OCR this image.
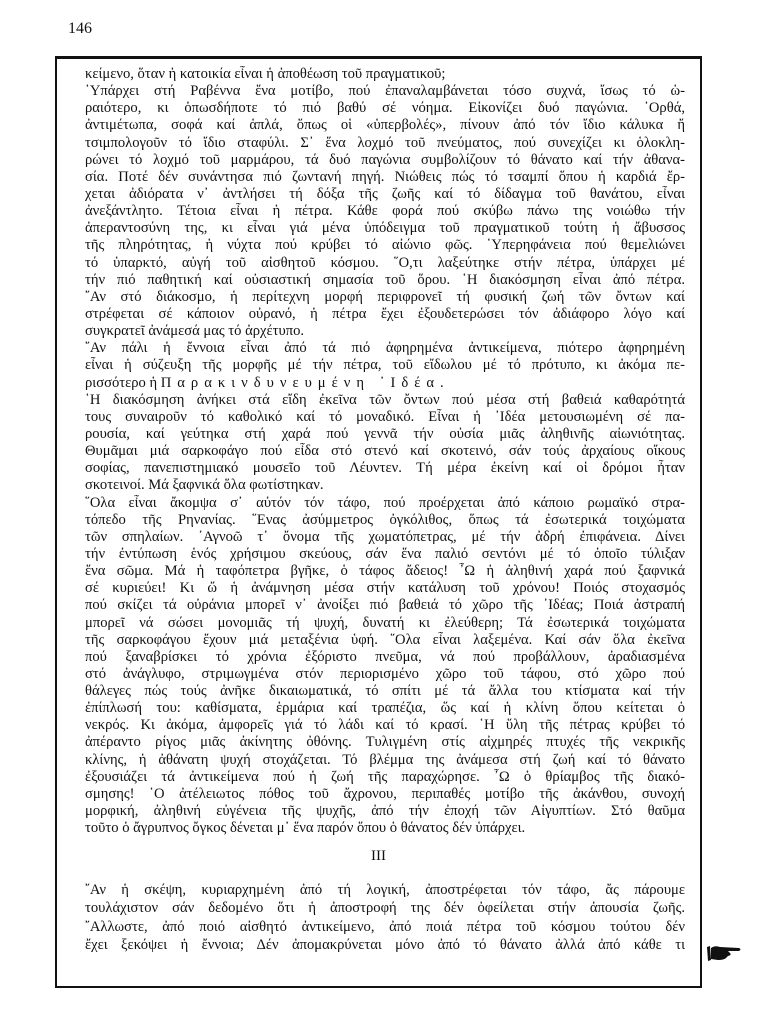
146
κείμενο, ὅταν ἡ κατοικία εἶναι ἡ ἀποθέωση τοῦ πραγματικοῦ;
῾Υπάρχει στή Ραβέννα ἕνα μοτίβο, πού ἐπαναλαμβάνεται τόσο συχνά, ἴσως τό ὡ-
ραιότερο, κι ὁπωσδήποτε τό πιό βαθύ σέ νόημα. Εἰκονίζει δυό παγώνια. ᾿Ορθά,
ἀντιμέτωπα, σοφά καί ἁπλά, ὅπως οἱ «ὑπερβολές», πίνουν ἀπό τόν ἴδιο κάλυκα ἤ
τσιμπολογοῦν τό ἴδιο σταφύλι. Σ᾿ ἕνα λοχμό τοῦ πνεύματος, πού συνεχίζει κι ὁλοκλη-
ρώνει τό λοχμό τοῦ μαρμάρου, τά δυό παγώνια συμβολίζουν τό θάνατο καί τήν ἀθανα-
σία. Ποτέ δέν συνάντησα πιό ζωντανή πηγή. Νιώθεις πώς τό τσαμπί ὅπου ἡ καρδιά ἔρ-
χεται ἀδιόρατα ν᾿ ἀντλήσει τή δόξα τῆς ζωῆς καί τό δίδαγμα τοῦ θανάτου, εἶναι
ἀνεξάντλητο. Τέτοια εἶναι ἡ πέτρα. Κάθε φορά πού σκύβω πάνω της νοιώθω τήν
ἀπεραντοσύνη της, κι εἶναι γιά μένα ὑπόδειγμα τοῦ πραγματικοῦ τούτη ἡ ἄβυσσος
τῆς πληρότητας, ἡ νύχτα πού κρύβει τό αἰώνιο φῶς. ῾Υπερηφάνεια πού θεμελιώνει
τό ὑπαρκτό, αὐγή τοῦ αἰσθητοῦ κόσμου. ῞Ο,τι λαξεύτηκε στήν πέτρα, ὑπάρχει μέ
τήν πιό παθητική καί οὐσιαστική σημασία τοῦ ὅρου. ῾Η διακόσμηση εἶναι ἀπό πέτρα.
῎Αν στό διάκοσμο, ἡ περίτεχνη μορφή περιφρονεῖ τή φυσική ζωή τῶν ὄντων καί
στρέφεται σέ κάποιον οὐρανό, ἡ πέτρα ἔχει ἐξουδετερώσει τόν ἀδιάφορο λόγο καί
συγκρατεῖ ἀνάμεσά μας τό ἀρχέτυπο.
῎Αν πάλι ἡ ἔννοια εἶναι ἀπό τά πιό ἀφηρημένα ἀντικείμενα, πιότερο ἀφηρημένη
εἶναι ἡ σύζευξη τῆς μορφῆς μέ τήν πέτρα, τοῦ εἴδωλου μέ τό πρότυπο, κι ἀκόμα πε-
ρισσότερο ἡ Παρακινδυνευμένη ᾿Ιδέα.
῾Η διακόσμηση ἀνήκει στά εἴδη ἐκεῖνα τῶν ὄντων πού μέσα στή βαθειά καθαρότητά
τους συναιροῦν τό καθολικό καί τό μοναδικό. Εἶναι ἡ ᾿Ιδέα μετουσιωμένη σέ πα-
ρουσία, καί γεύτηκα στή χαρά πού γεννᾶ τήν οὐσία μιᾶς ἀληθινῆς αἰωνιότητας.
Θυμᾶμαι μιά σαρκοφάγο πού εἶδα στό στενό καί σκοτεινό, σάν τούς ἀρχαίους οἴκους
σοφίας, πανεπιστημιακό μουσεῖο τοῦ Λέυντεν. Τή μέρα ἐκείνη καί οἱ δρόμοι ἦταν
σκοτεινοί. Μά ξαφνικά ὅλα φωτίστηκαν.
῞Ολα εἶναι ἄκομψα σ᾿ αὐτόν τόν τάφο, πού προέρχεται ἀπό κάποιο ρωμαϊκό στρα-
τόπεδο τῆς Ρηνανίας. ῞Ενας ἀσύμμετρος ὀγκόλιθος, ὅπως τά ἐσωτερικά τοιχώματα
τῶν σπηλαίων. ᾿Αγνοῶ τ᾿ ὄνομα τῆς χωματόπετρας, μέ τήν ἀδρή ἐπιφάνεια. Δίνει
τήν ἐντύπωση ἑνός χρήσιμου σκεύους, σάν ἕνα παλιό σεντόνι μέ τό ὁποῖο τύλιξαν
ἕνα σῶμα. Μά ἡ ταφόπετρα βγῆκε, ὁ τάφος ἄδειος! ῏Ω ἡ ἀληθινή χαρά πού ξαφνικά
σέ κυριεύει! Κι ὤ ἡ ἀνάμνηση μέσα στήν κατάλυση τοῦ χρόνου! Ποιός στοχασμός
πού σκίζει τά οὐράνια μπορεῖ ν᾿ ἀνοίξει πιό βαθειά τό χῶρο τῆς ᾿Ιδέας; Ποιά ἀστραπή
μπορεῖ νά σώσει μονομιᾶς τή ψυχή, δυνατή κι ἐλεύθερη; Τά ἐσωτερικά τοιχώματα
τῆς σαρκοφάγου ἔχουν μιά μεταξένια ὑφή. ῞Ολα εἶναι λαξεμένα. Καί σάν ὅλα ἐκεῖνα
πού ξαναβρίσκει τό χρόνια ἐξόριστο πνεῦμα, νά πού προβάλλουν, ἀραδιασμένα
στό ἀνάγλυφο, στριμωγμένα στόν περιορισμένο χῶρο τοῦ τάφου, στό χῶρο πού
θάλεγες πώς τούς ἀνῆκε δικαιωματικά, τό σπίτι μέ τά ἄλλα του κτίσματα καί τήν
ἐπίπλωσή του: καθίσματα, ἑρμάρια καί τραπέζια, ὥς καί ἡ κλίνη ὅπου κείτεται ὁ
νεκρός. Κι ἀκόμα, ἀμφορεῖς γιά τό λάδι καί τό κρασί. ῾Η ὕλη τῆς πέτρας κρύβει τό
ἀπέραντο ρίγος μιᾶς ἀκίνητης ὀθόνης. Τυλιγμένη στίς αἰχμηρές πτυχές τῆς νεκρικῆς
κλίνης, ἡ ἀθάνατη ψυχή στοχάζεται. Τό βλέμμα της ἀνάμεσα στή ζωή καί τό θάνατο
ἐξουσιάζει τά ἀντικείμενα πού ἡ ζωή τῆς παραχώρησε. ῏Ω ὁ θρίαμβος τῆς διακό-
σμησης! ῾Ο ἀτέλειωτος πόθος τοῦ ἄχρονου, περιπαθές μοτίβο τῆς ἀκάνθου, συνοχή
μορφική, ἀληθινή εὐγένεια τῆς ψυχῆς, ἀπό τήν ἐποχή τῶν Αἰγυπτίων. Στό θαῦμα
τοῦτο ὁ ἄγρυπνος ὄγκος δένεται μ᾿ ἕνα παρόν ὅπου ὁ θάνατος δέν ὑπάρχει.
III
῎Αν ἡ σκέψη, κυριαρχημένη ἀπό τή λογική, ἀποστρέφεται τόν τάφο, ἄς πάρουμε
τουλάχιστον σάν δεδομένο ὅτι ἡ ἀποστροφή της δέν ὀφείλεται στήν ἀπουσία ζωῆς.
῎Αλλωστε, ἀπό ποιό αἰσθητό ἀντικείμενο, ἀπό ποιά πέτρα τοῦ κόσμου τούτου δέν
ἔχει ξεκόψει ἡ ἔννοια; Δέν ἀπομακρύνεται μόνο ἀπό τό θάνατο ἀλλά ἀπό κάθε τι
